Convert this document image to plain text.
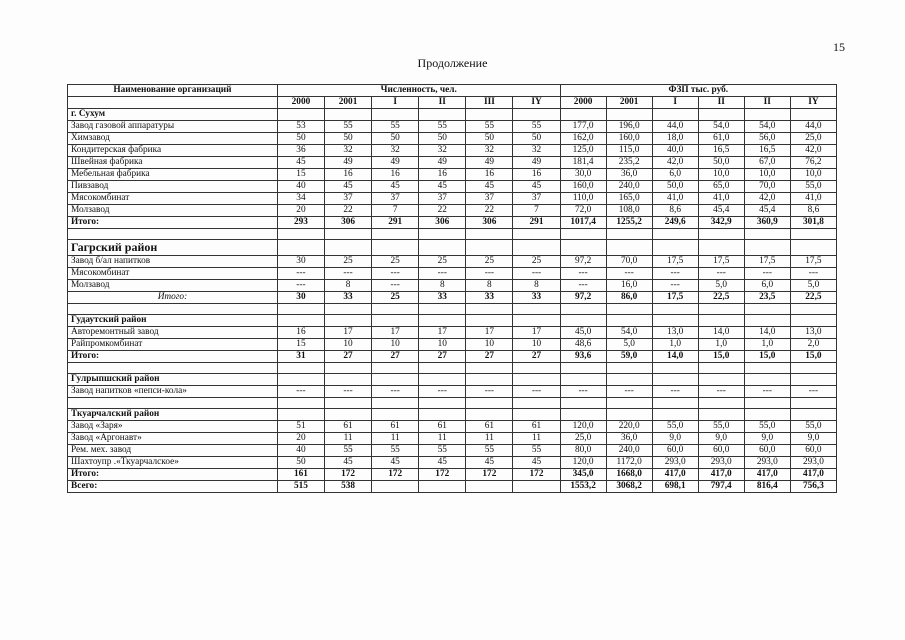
15
Продолжение
Наименование организаций	Численность, чел.						ФЗП тыс. руб.					
	2000	2001	I	II	III	IY	2000	2001	I	II	II	IY
г. Сухум												
Завод газовой аппаратуры	53	55	55	55	55	55	177,0	196,0	44,0	54,0	54,0	44,0
Химзавод	50	50	50	50	50	50	162,0	160,0	18,0	61,0	56,0	25,0
Кондитерская фабрика	36	32	32	32	32	32	125,0	115,0	40,0	16,5	16,5	42,0
Швейная фабрика	45	49	49	49	49	49	181,4	235,2	42,0	50,0	67,0	76,2
Мебельная фабрика	15	16	16	16	16	16	30,0	36,0	6,0	10,0	10,0	10,0
Пивзавод	40	45	45	45	45	45	160,0	240,0	50,0	65,0	70,0	55,0
Мясокомбинат	34	37	37	37	37	37	110,0	165,0	41,0	41,0	42,0	41,0
Молзавод	20	22	7	22	22	7	72,0	108,0	8,6	45,4	45,4	8,6
Итого:	293	306	291	306	306	291	1017,4	1255,2	249,6	342,9	360,9	301,8

Гагрский район												
Завод б/ал напитков	30	25	25	25	25	25	97,2	70,0	17,5	17,5	17,5	17,5
Мясокомбинат	---	---	---	---	---	---	---	---	---	---	---	---
Молзавод	---	8	---	8	8	8	---	16,0	---	5,0	6,0	5,0
Итого:	30	33	25	33	33	33	97,2	86,0	17,5	22,5	23,5	22,5

Гудаутский район												
Авторемонтный завод	16	17	17	17	17	17	45,0	54,0	13,0	14,0	14,0	13,0
Райпромкомбинат	15	10	10	10	10	10	48,6	5,0	1,0	1,0	1,0	2,0
Итого:	31	27	27	27	27	27	93,6	59,0	14,0	15,0	15,0	15,0

Гулрыпшский район												
Завод напитков «пепси-кола»	---	---	---	---	---	---	---	---	---	---	---	---

Ткуарчалский район												
Завод «Заря»	51	61	61	61	61	61	120,0	220,0	55,0	55,0	55,0	55,0
Завод «Аргонавт»	20	11	11	11	11	11	25,0	36,0	9,0	9,0	9,0	9,0
Рем. мех. завод	40	55	55	55	55	55	80,0	240,0	60,0	60,0	60,0	60,0
Шахтоупр .«Ткуарчалское»	50	45	45	45	45	45	120,0	1172,0	293,0	293,0	293,0	293,0
Итого:	161	172	172	172	172	172	345,0	1668,0	417,0	417,0	417,0	417,0
Всего:	515	538					1553,2	3068,2	698,1	797,4	816,4	756,3
